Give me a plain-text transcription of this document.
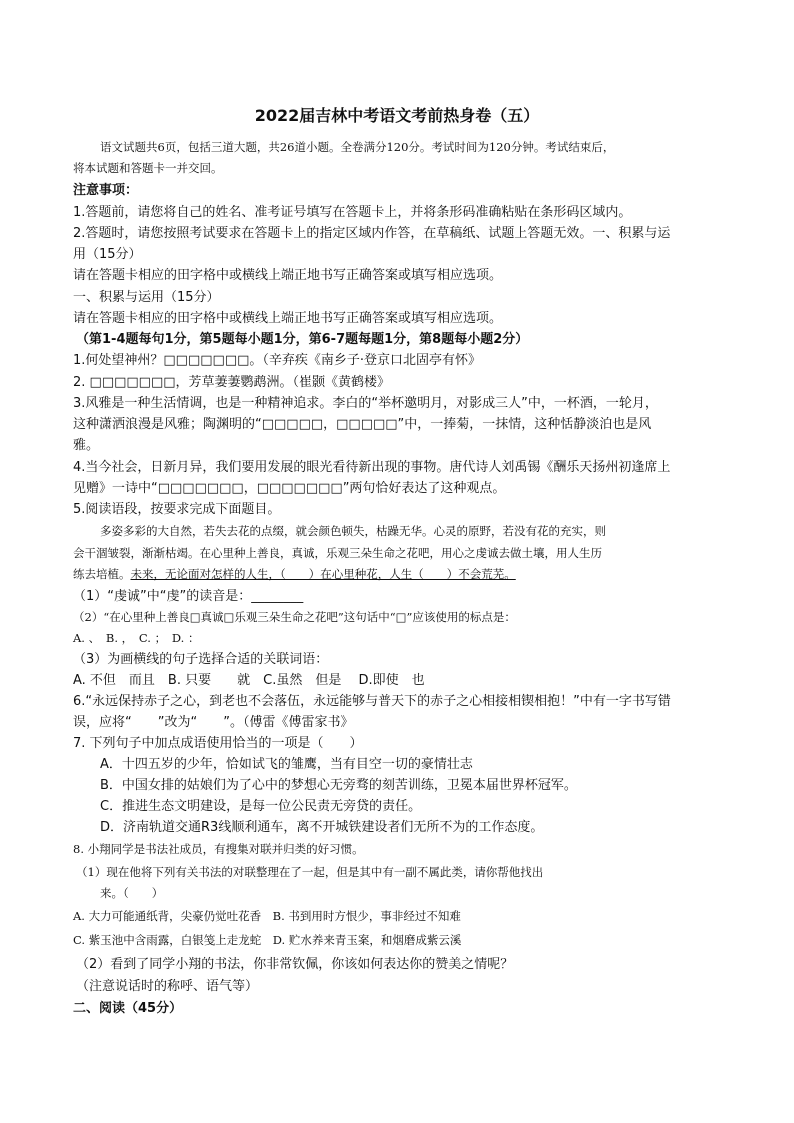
2022届吉林中考语文考前热身卷（五）
语文试题共6页，包括三道大题，共26道小题。全卷满分120分。考试时间为120分钟。考试结束后，
将本试题和答题卡一并交回。
注意事项：
1.答题前，请您将自己的姓名、准考证号填写在答题卡上，并将条形码准确粘贴在条形码区域内。
2.答题时，请您按照考试要求在答题卡上的指定区域内作答，在草稿纸、试题上答题无效。一、积累与运
用（15分）
请在答题卡相应的田字格中或横线上端正地书写正确答案或填写相应选项。
一、积累与运用（15分）
请在答题卡相应的田字格中或横线上端正地书写正确答案或填写相应选项。
（第1-4题每句1分，第5题每小题1分，第6-7题每题1分，第8题每小题2分）
1.何处望神州？□□□□□□□。（辛弃疾《南乡子·登京口北固亭有怀》
2. □□□□□□□，芳草萋萋鹦鹉洲。（崔颢《黄鹤楼》
3.风雅是一种生活情调，也是一种精神追求。李白的“举杯邀明月，对影成三人”中，一杯酒，一轮月，
这种潇洒浪漫是风雅；陶渊明的“□□□□□，□□□□□”中，一捧菊，一抹情，这种恬静淡泊也是风
雅。
4.当今社会，日新月异，我们要用发展的眼光看待新出现的事物。唐代诗人刘禹锡《酬乐天扬州初逢席上
见赠》一诗中“□□□□□□□，□□□□□□□”两句恰好表达了这种观点。
5.阅读语段，按要求完成下面题目。
多姿多彩的大自然，若失去花的点缀，就会颜色顿失，枯躁无华。心灵的原野，若没有花的充实，则
会干涸皱裂，渐渐枯竭。在心里种上善良，真诚，乐观三朵生命之花吧，用心之虔诚去做土壤，用人生历
练去培植。未来，无论面对怎样的人生，（　　）在心里种花，人生（　　）不会荒芜。
（1）“虔诚”中“虔”的读音是：________
（2）“在心里种上善良□真诚□乐观三朵生命之花吧”这句话中“□”应该使用的标点是：
A. 、　B. ，　C. ；　D. ：
（3）为画横线的句子选择合适的关联词语：
A. 不但　而且　B. 只要　　就　C.虽然　但是　 D.即使　也
6.“永远保持赤子之心，到老也不会落伍，永远能够与普天下的赤子之心相接相锲相抱！”中有一字书写错
误，应将“　　”改为“　　”。（傅雷《傅雷家书》
7. 下列句子中加点成语使用恰当的一项是（　　）
A．十四五岁的少年，恰如试飞的雏鹰，当有目空一切的豪情壮志
B．中国女排的姑娘们为了心中的梦想心无旁骛的刻苦训练，卫冕本届世界杯冠军。
C．推进生态文明建设，是每一位公民责无旁贷的责任。
D．济南轨道交通R3线顺利通车，离不开城铁建设者们无所不为的工作态度。
8. 小翔同学是书法社成员，有搜集对联并归类的好习惯。
（1）现在他将下列有关书法的对联整理在了一起，但是其中有一副不属此类，请你帮他找出
来。（　　）
A. 大力可能通纸背，尖豪仍觉吐花香　B. 书到用时方恨少，事非经过不知难
C. 紫玉池中含雨露，白银笺上走龙蛇　D. 贮水养来青玉案，和烟磨成紫云溪
（2）看到了同学小翔的书法，你非常钦佩，你该如何表达你的赞美之情呢？
（注意说话时的称呼、语气等）
二、阅读（45分）
